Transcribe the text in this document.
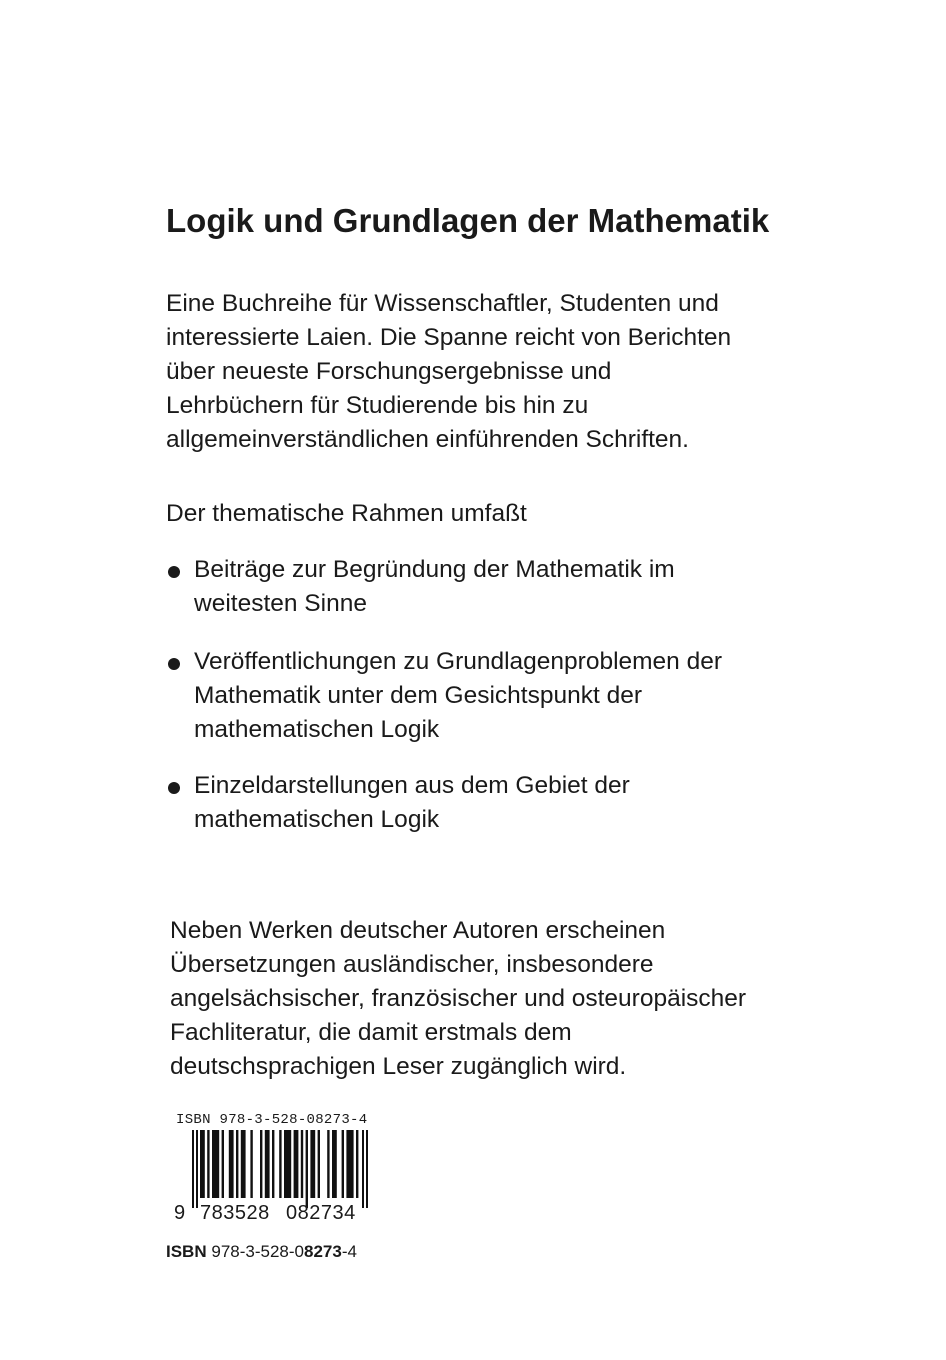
Logik und Grundlagen der Mathematik
Eine Buchreihe für Wissenschaftler, Studenten und
interessierte Laien. Die Spanne reicht von Berichten
über neueste Forschungsergebnisse und
Lehrbüchern für Studierende bis hin zu
allgemeinverständlichen einführenden Schriften.

Der thematische Rahmen umfaßt

Beiträge zur Begründung der Mathematik im
weitesten Sinne
Veröffentlichungen zu Grundlagenproblemen der
Mathematik unter dem Gesichtspunkt der
mathematischen Logik
Einzeldarstellungen aus dem Gebiet der
mathematischen Logik
Neben Werken deutscher Autoren erscheinen
Übersetzungen ausländischer, insbesondere
angelsächsischer, französischer und osteuropäischer
Fachliteratur, die damit erstmals dem
deutschsprachigen Leser zugänglich wird.
ISBN 978-3-528-08273-4
9 783528 082734
ISBN 978-3-528-08273-4
